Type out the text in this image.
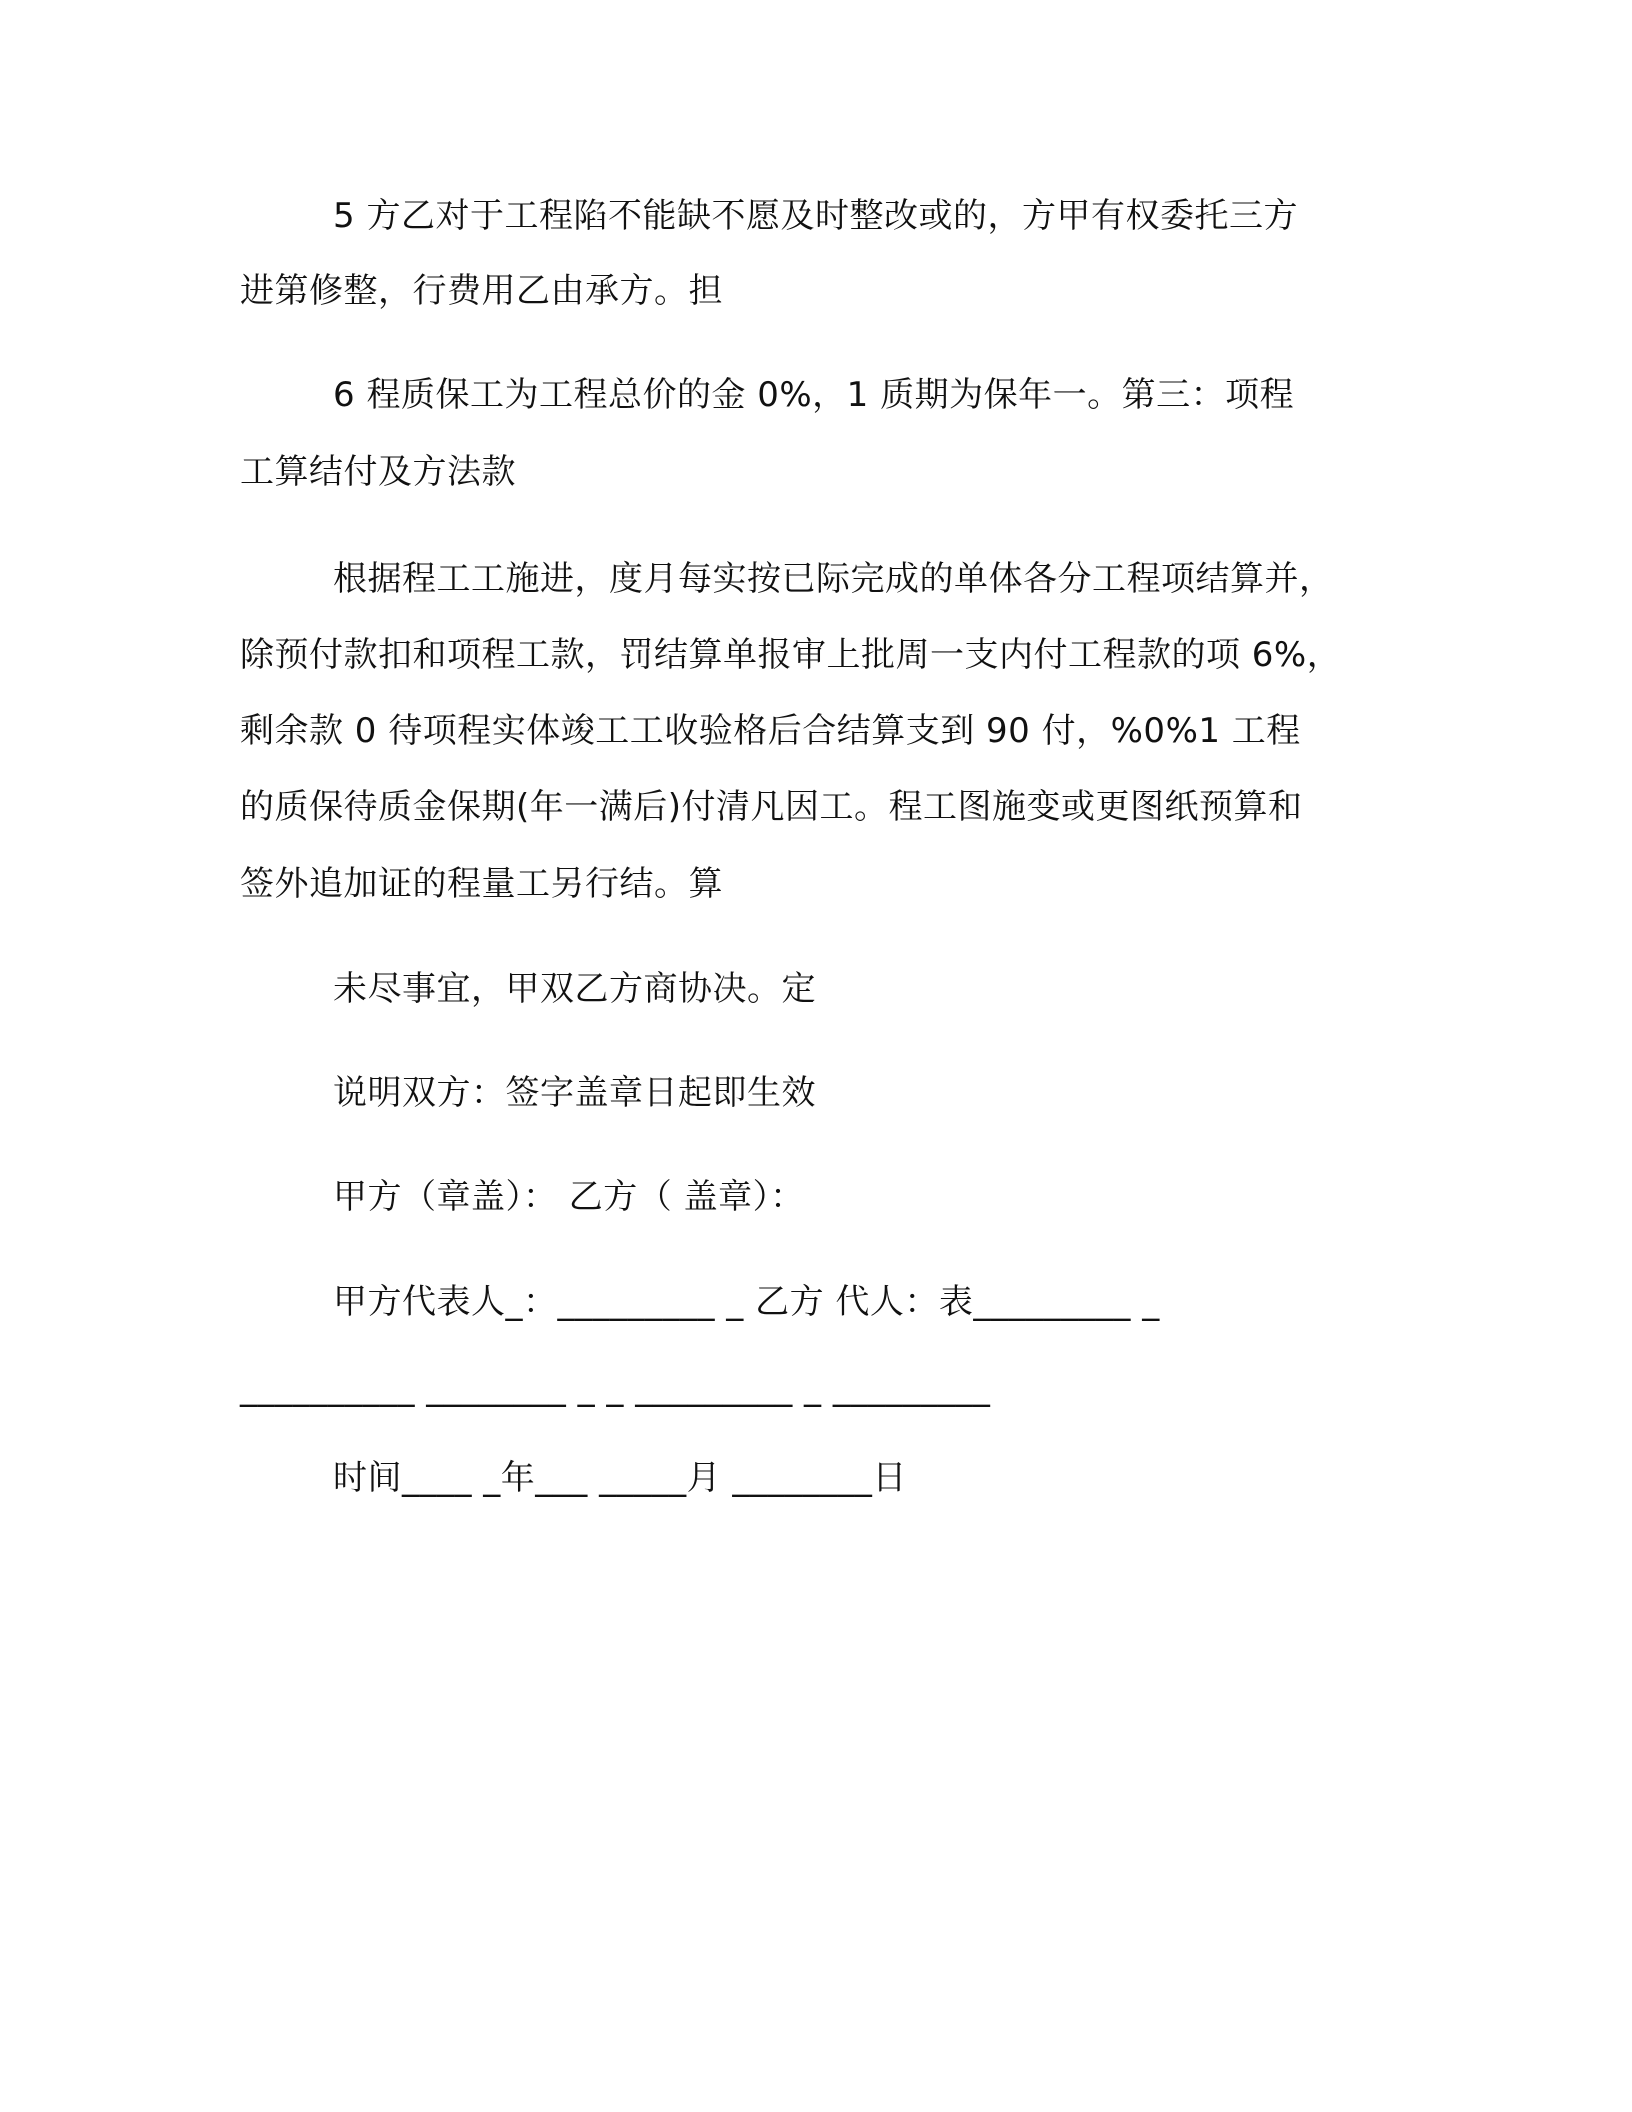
5 方乙对于工程陷不能缺不愿及时整改或的，方甲有权委托三方
进第修整，行费用乙由承方。担
6 程质保工为工程总价的金 0%，1 质期为保年一。第三：项程
工算结付及方法款
根据程工工施进，度月每实按已际完成的单体各分工程项结算并，
除预付款扣和项程工款，罚结算单报审上批周一支内付工程款的项 6%，
剩余款 0 待项程实体竣工工收验格后合结算支到 90 付，%0%1 工程
的质保待质金保期(年一满后)付清凡因工。程工图施变或更图纸预算和
签外追加证的程量工另行结。算
未尽事宜，甲双乙方商协决。定
说明双方：签字盖章日起即生效
甲方（章盖）： 乙方（ 盖章）：
甲方代表人_：_________ _ 乙方 代人：表_________ _
__________ ________ _ _ _________ _ _________
时间____ _年___ _____月 ________日
